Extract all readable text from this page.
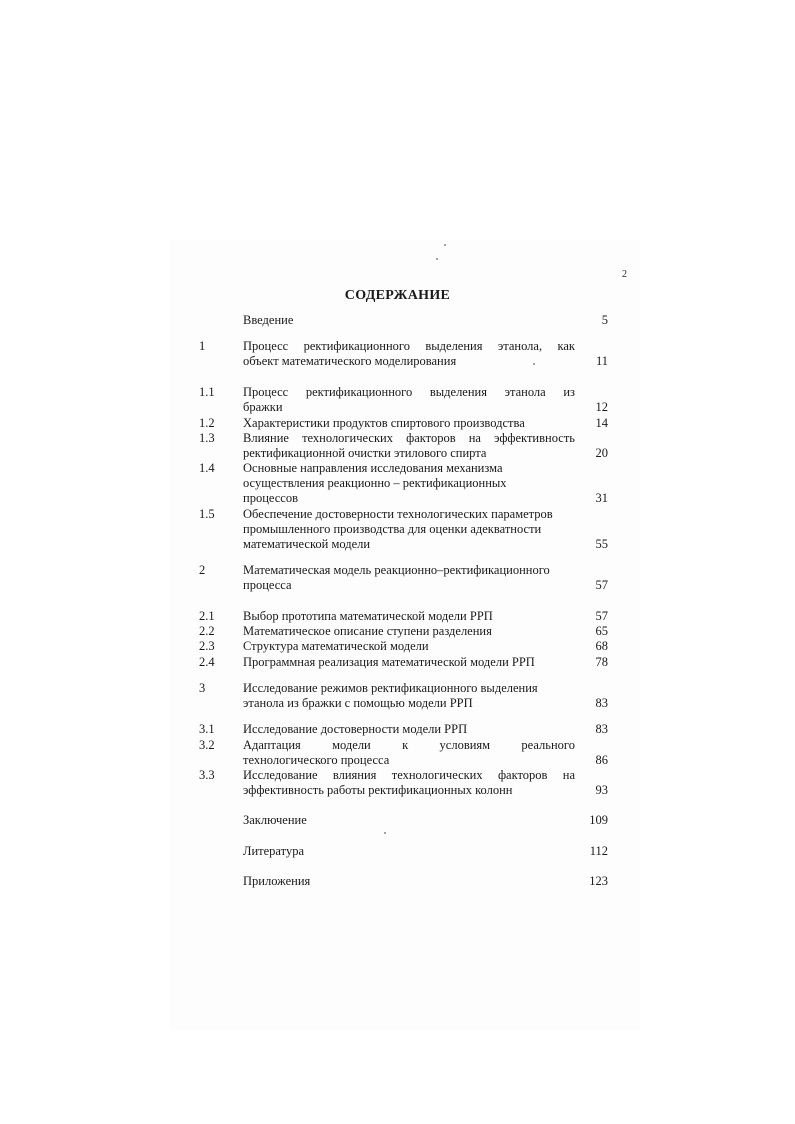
2
СОДЕРЖАНИЕ
Введение	5
1	Процесс ректификационного выделения этанола, как
объект математического моделирования	11
1.1 Процесс ректификационного выделения этанола из
бражки	12
1.2 Характеристики продуктов спиртового производства	14
1.3 Влияние технологических факторов на эффективность
ректификационной очистки этилового спирта	20
1.4 Основные направления исследования механизма
осуществления реакционно – ректификационных
процессов	31
1.5 Обеспечение достоверности технологических параметров
промышленного производства для оценки адекватности
математической модели	55
2	Математическая модель реакционно–ректификационного
процесса	57
2.1 Выбор прототипа математической модели РРП	57
2.2 Математическое описание ступени разделения	65
2.3 Структура математической модели	68
2.4 Программная реализация математической модели РРП	78
3	Исследование режимов ректификационного выделения
этанола из бражки с помощью модели РРП	83
3.1 Исследование достоверности модели РРП	83
3.2 Адаптация модели к условиям реального
технологического процесса	86
3.3 Исследование влияния технологических факторов на
эффективность работы ректификационных колонн	93
Заключение	109
Литература	112
Приложения	123
